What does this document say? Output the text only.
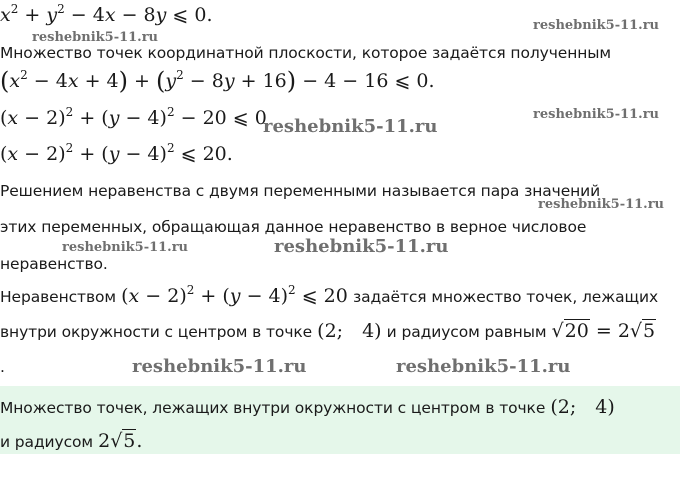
$x^2 + y^2 - 4x - 8y$ ⩽ 0.	reshebnik5-11.ru
reshebnik5-11.ru
Множество точек координатной плоскости, которое задаётся полученным
$(x^2 - 4x + 4) + (y^2 - 8y + 16) - 4 - 16$ ⩽ 0.
$(x - 2)^2 + (y - 4)^2 - 20$ ⩽ 0
reshebnik5-11.ru
reshebnik5-11.ru
$(x - 2)^2 + (y - 4)^2$ ⩽ 20.
Решением неравенства с двумя переменными называется пара значений
reshebnik5-11.ru
этих переменных, обращающая данное неравенство в верное числовое
reshebnik5-11.ru	reshebnik5-11.ru
неравенство.
Неравенством $(x - 2)^2 + (y - 4)^2$ ⩽ 20 задаётся множество точек, лежащих
внутри окружности с центром в точке (2; 4) и радиусом равным √20 = 2√5
.	reshebnik5-11.ru	reshebnik5-11.ru
Множество точек, лежащих внутри окружности с центром в точке (2; 4)
и радиусом 2√5.
